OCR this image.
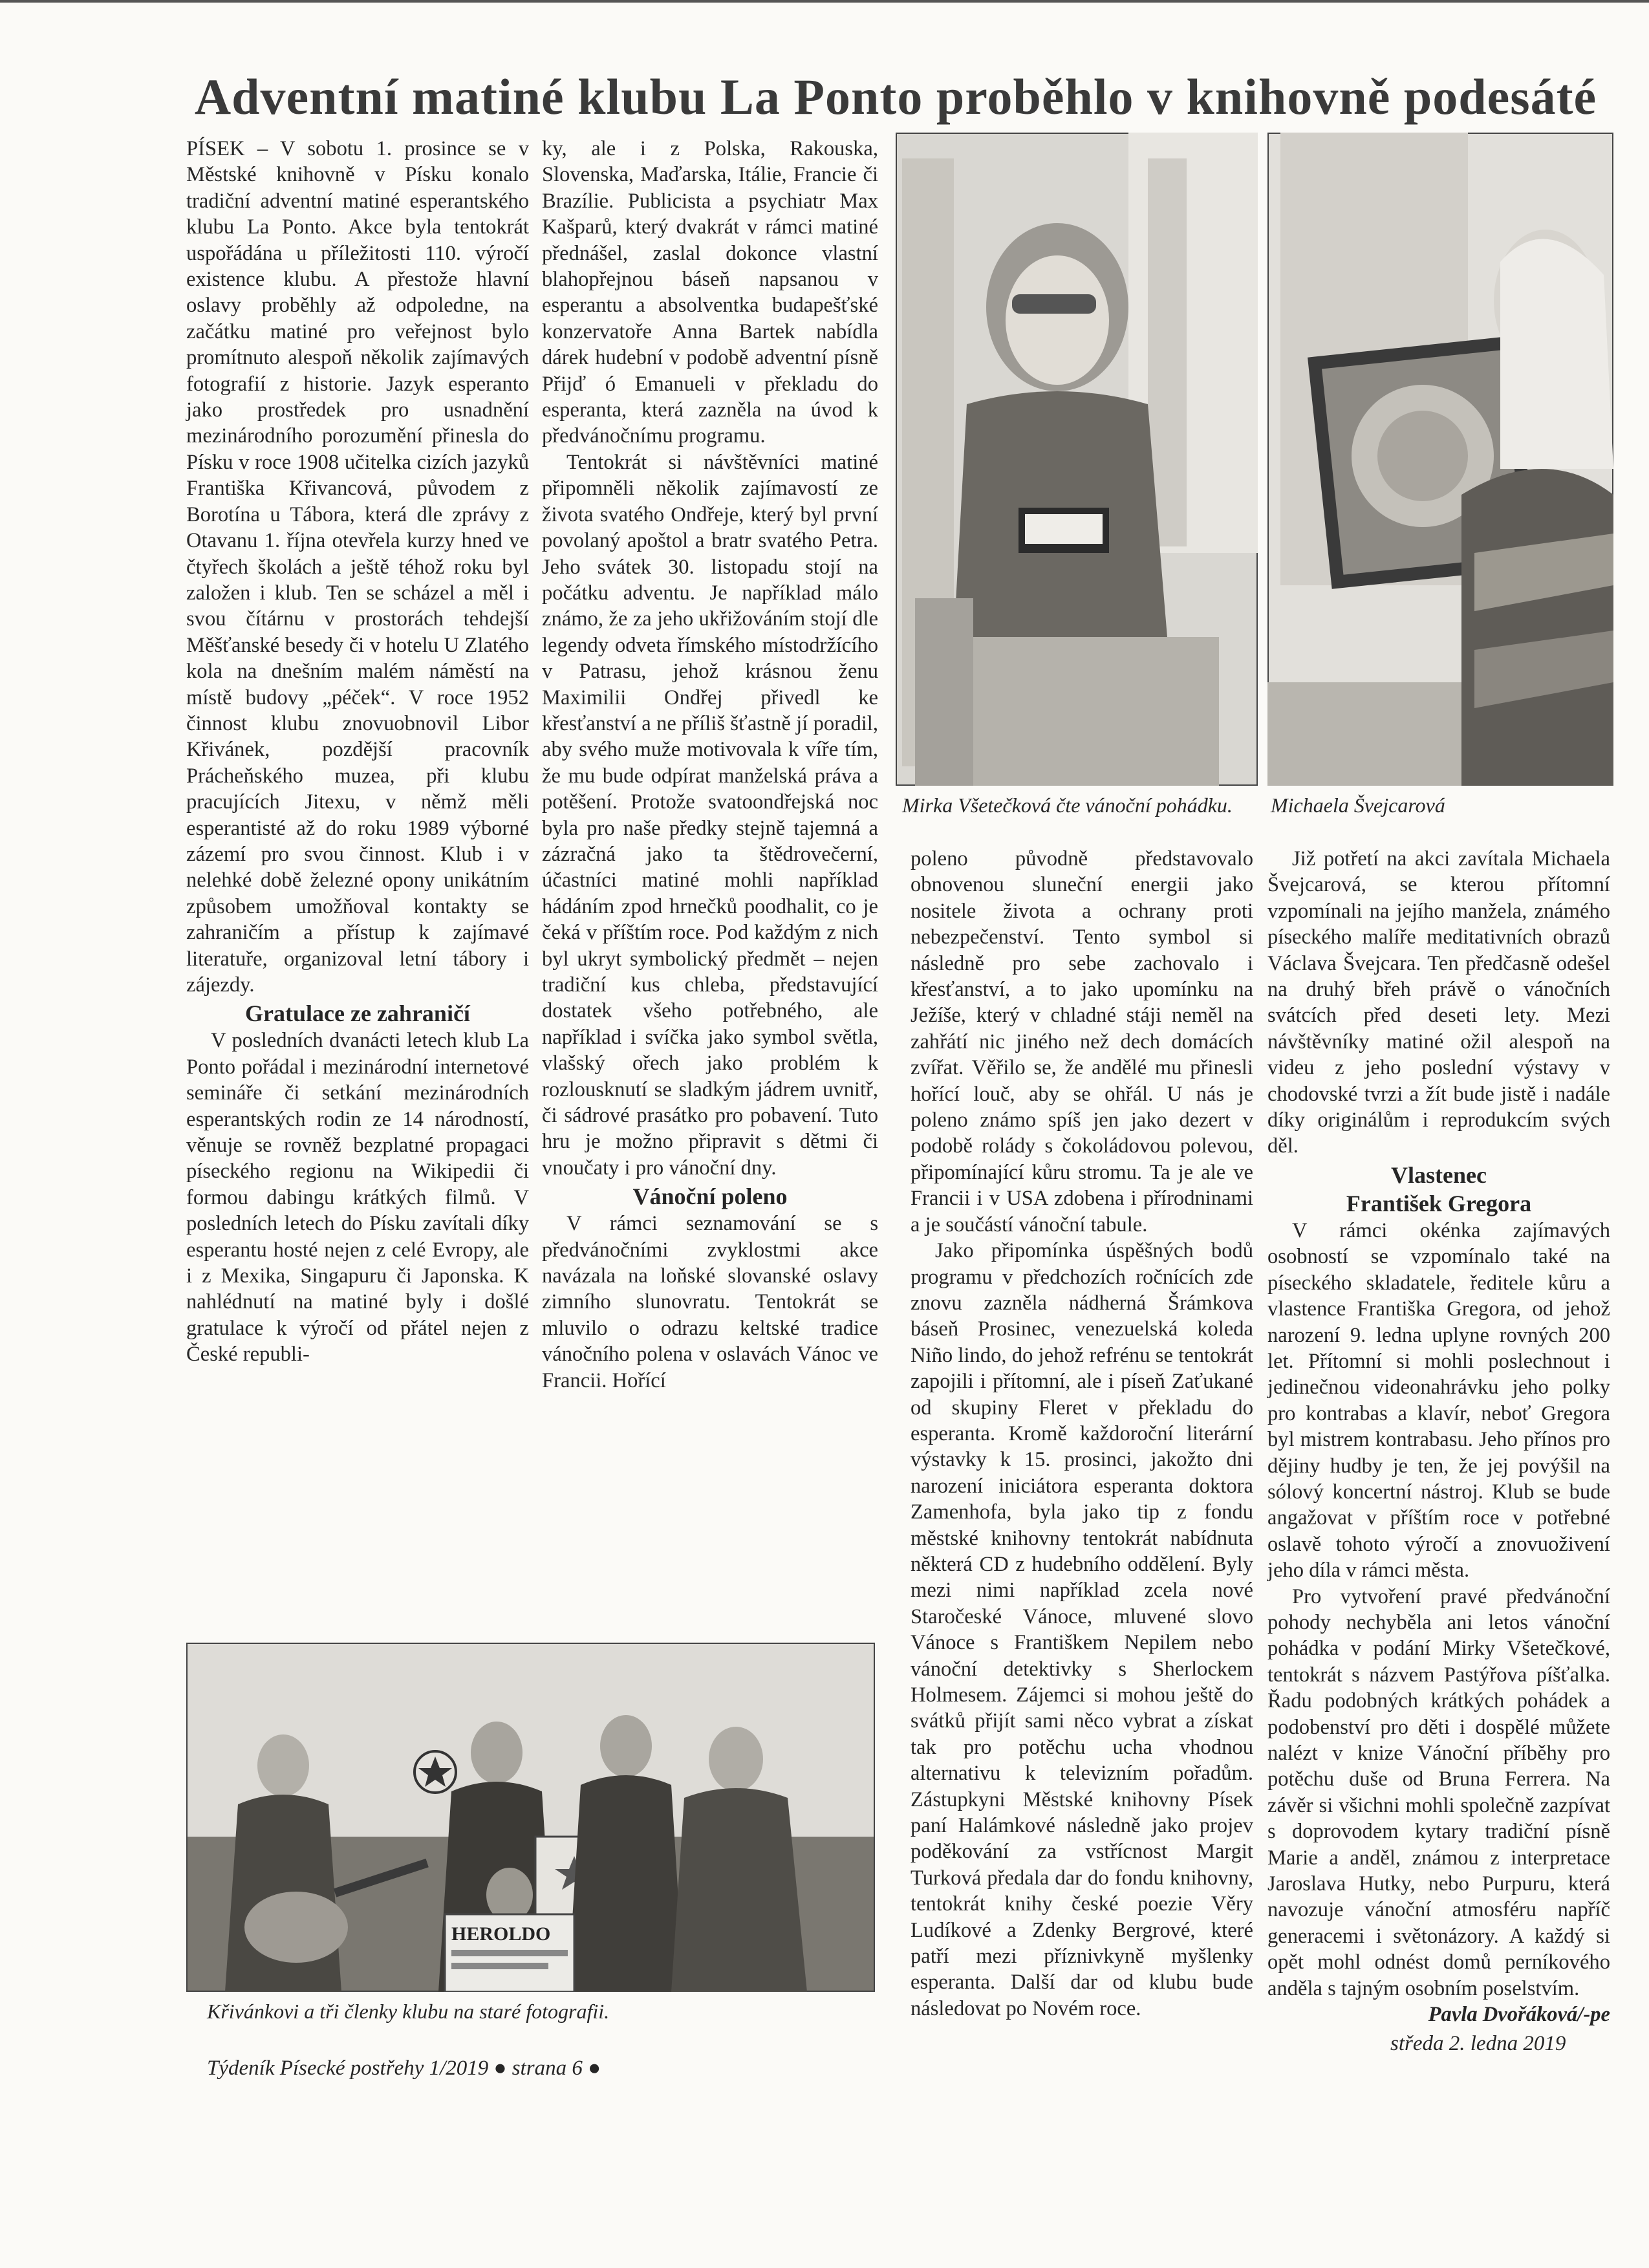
Adventní matiné klubu La Ponto proběhlo v knihovně podesáté

PÍSEK – V sobotu 1. prosince se v Městské knihovně v Písku konalo tradiční adventní matiné esperantského klubu La Ponto. Akce byla tentokrát uspořádána u příležitosti 110. výročí existence klubu. A přestože hlavní oslavy proběhly až odpoledne, na začátku matiné pro veřejnost bylo promítnuto alespoň několik zajímavých fotografií z historie. Jazyk esperanto jako prostředek pro usnadnění mezinárodního porozumění přinesla do Písku v roce 1908 učitelka cizích jazyků Františka Křivancová, původem z Borotína u Tábora, která dle zprávy z Otavanu 1. října otevřela kurzy hned ve čtyřech školách a ještě téhož roku byl založen i klub. Ten se scházel a měl i svou čítárnu v prostorách tehdejší Měšťanské besedy či v hotelu U Zlatého kola na dnešním malém náměstí na místě budovy „péček“. V roce 1952 činnost klubu znovuobnovil Libor Křivánek, pozdější pracovník Prácheňského muzea, při klubu pracujících Jitexu, v němž měli esperantisté až do roku 1989 výborné zázemí pro svou činnost. Klub i v nelehké době železné opony unikátním způsobem umožňoval kontakty se zahraničím a přístup k zajímavé literatuře, organizoval letní tábory i zájezdy.

Gratulace ze zahraničí

V posledních dvanácti letech klub La Ponto pořádal i mezinárodní internetové semináře či setkání mezinárodních esperantských rodin ze 14 národností, věnuje se rovněž bezplatné propagaci píseckého regionu na Wikipedii či formou dabingu krátkých filmů. V posledních letech do Písku zavítali díky esperantu hosté nejen z celé Evropy, ale i z Mexika, Singapuru či Japonska. K nahlédnutí na matiné byly i došlé gratulace k výročí od přátel nejen z České republi-

ky, ale i z Polska, Rakouska, Slovenska, Maďarska, Itálie, Francie či Brazílie. Publicista a psychiatr Max Kašparů, který dvakrát v rámci matiné přednášel, zaslal dokonce vlastní blahopřejnou báseň napsanou v esperantu a absolventka budapešťské konzervatoře Anna Bartek nabídla dárek hudební v podobě adventní písně Přijď ó Emanueli v překladu do esperanta, která zazněla na úvod k předvánočnímu programu.

Tentokrát si návštěvníci matiné připomněli několik zajímavostí ze života svatého Ondřeje, který byl první povolaný apoštol a bratr svatého Petra. Jeho svátek 30. listopadu stojí na počátku adventu. Je například málo známo, že za jeho ukřižováním stojí dle legendy odveta římského místodržícího v Patrasu, jehož krásnou ženu Maximilii Ondřej přivedl ke křesťanství a ne příliš šťastně jí poradil, aby svého muže motivovala k víře tím, že mu bude odpírat manželská práva a potěšení. Protože svatoondřejská noc byla pro naše předky stejně tajemná a zázračná jako ta štědrovečerní, účastníci matiné mohli například hádáním zpod hrnečků poodhalit, co je čeká v příštím roce. Pod každým z nich byl ukryt symbolický předmět – nejen tradiční kus chleba, představující dostatek všeho potřebného, ale například i svíčka jako symbol světla, vlašský ořech jako problém k rozlousknutí se sladkým jádrem uvnitř, či sádrové prasátko pro pobavení. Tuto hru je možno připravit s dětmi či vnoučaty i pro vánoční dny.

Vánoční poleno

V rámci seznamování se s předvánočními zvyklostmi akce navázala na loňské slovanské oslavy zimního slunovratu. Tentokrát se mluvilo o odrazu keltské tradice vánočního polena v oslavách Vánoc ve Francii. Hořící

Mirka Všetečková čte vánoční pohádku.	Michaela Švejcarová

poleno původně představovalo obnovenou sluneční energii jako nositele života a ochrany proti nebezpečenství. Tento symbol si následně pro sebe zachovalo i křesťanství, a to jako upomínku na Ježíše, který v chladné stáji neměl na zahřátí nic jiného než dech domácích zvířat. Věřilo se, že andělé mu přinesli hořící louč, aby se ohřál. U nás je poleno známo spíš jen jako dezert v podobě rolády s čokoládovou polevou, připomínající kůru stromu. Ta je ale ve Francii i v USA zdobena i přírodninami a je součástí vánoční tabule.

Jako připomínka úspěšných bodů programu v předchozích ročnících zde znovu zazněla nádherná Šrámkova báseň Prosinec, venezuelská koleda Niño lindo, do jehož refrénu se tentokrát zapojili i přítomní, ale i píseň Zaťukané od skupiny Fleret v překladu do esperanta. Kromě každoroční literární výstavky k 15. prosinci, jakožto dni narození iniciátora esperanta doktora Zamenhofa, byla jako tip z fondu městské knihovny tentokrát nabídnuta některá CD z hudebního oddělení. Byly mezi nimi například zcela nové Staročeské Vánoce, mluvené slovo Vánoce s Františkem Nepilem nebo vánoční detektivky s Sherlockem Holmesem. Zájemci si mohou ještě do svátků přijít sami něco vybrat a získat tak pro potěchu ucha vhodnou alternativu k televizním pořadům. Zástupkyni Městské knihovny Písek paní Halámkové následně jako projev poděkování za vstřícnost Margit Turková předala dar do fondu knihovny, tentokrát knihy české poezie Věry Ludíkové a Zdenky Bergrové, které patří mezi příznivkyně myšlenky esperanta. Další dar od klubu bude následovat po Novém roce.

Již potřetí na akci zavítala Michaela Švejcarová, se kterou přítomní vzpomínali na jejího manžela, známého píseckého malíře meditativních obrazů Václava Švejcara. Ten předčasně odešel na druhý břeh právě o vánočních svátcích před deseti lety. Mezi návštěvníky matiné ožil alespoň na videu z jeho poslední výstavy v chodovské tvrzi a žít bude jistě i nadále díky originálům i reprodukcím svých děl.

Vlastenec
František Gregora

V rámci okénka zajímavých osobností se vzpomínalo také na píseckého skladatele, ředitele kůru a vlastence Františka Gregora, od jehož narození 9. ledna uplyne rovných 200 let. Přítomní si mohli poslechnout i jedinečnou videonahrávku jeho polky pro kontrabas a klavír, neboť Gregora byl mistrem kontrabasu. Jeho přínos pro dějiny hudby je ten, že jej povýšil na sólový koncertní nástroj. Klub se bude angažovat v příštím roce v potřebné oslavě tohoto výročí a znovuoživení jeho díla v rámci města.

Pro vytvoření pravé předvánoční pohody nechyběla ani letos vánoční pohádka v podání Mirky Všetečkové, tentokrát s názvem Pastýřova píšťalka. Řadu podobných krátkých pohádek a podobenství pro děti i dospělé můžete nalézt v knize Vánoční příběhy pro potěchu duše od Bruna Ferrera. Na závěr si všichni mohli společně zazpívat s doprovodem kytary tradiční písně Marie a anděl, známou z interpretace Jaroslava Hutky, nebo Purpuru, která navozuje vánoční atmosféru napříč generacemi i světonázory. A každý si opět mohl odnést domů perníkového anděla s tajným osobním poselstvím.

Pavla Dvořáková/-pe

HEROLDO
Křivánkovi a tři členky klubu na staré fotografii.
Týdeník Písecké postřehy 1/2019 ● strana 6 ●
středa 2. ledna 2019
